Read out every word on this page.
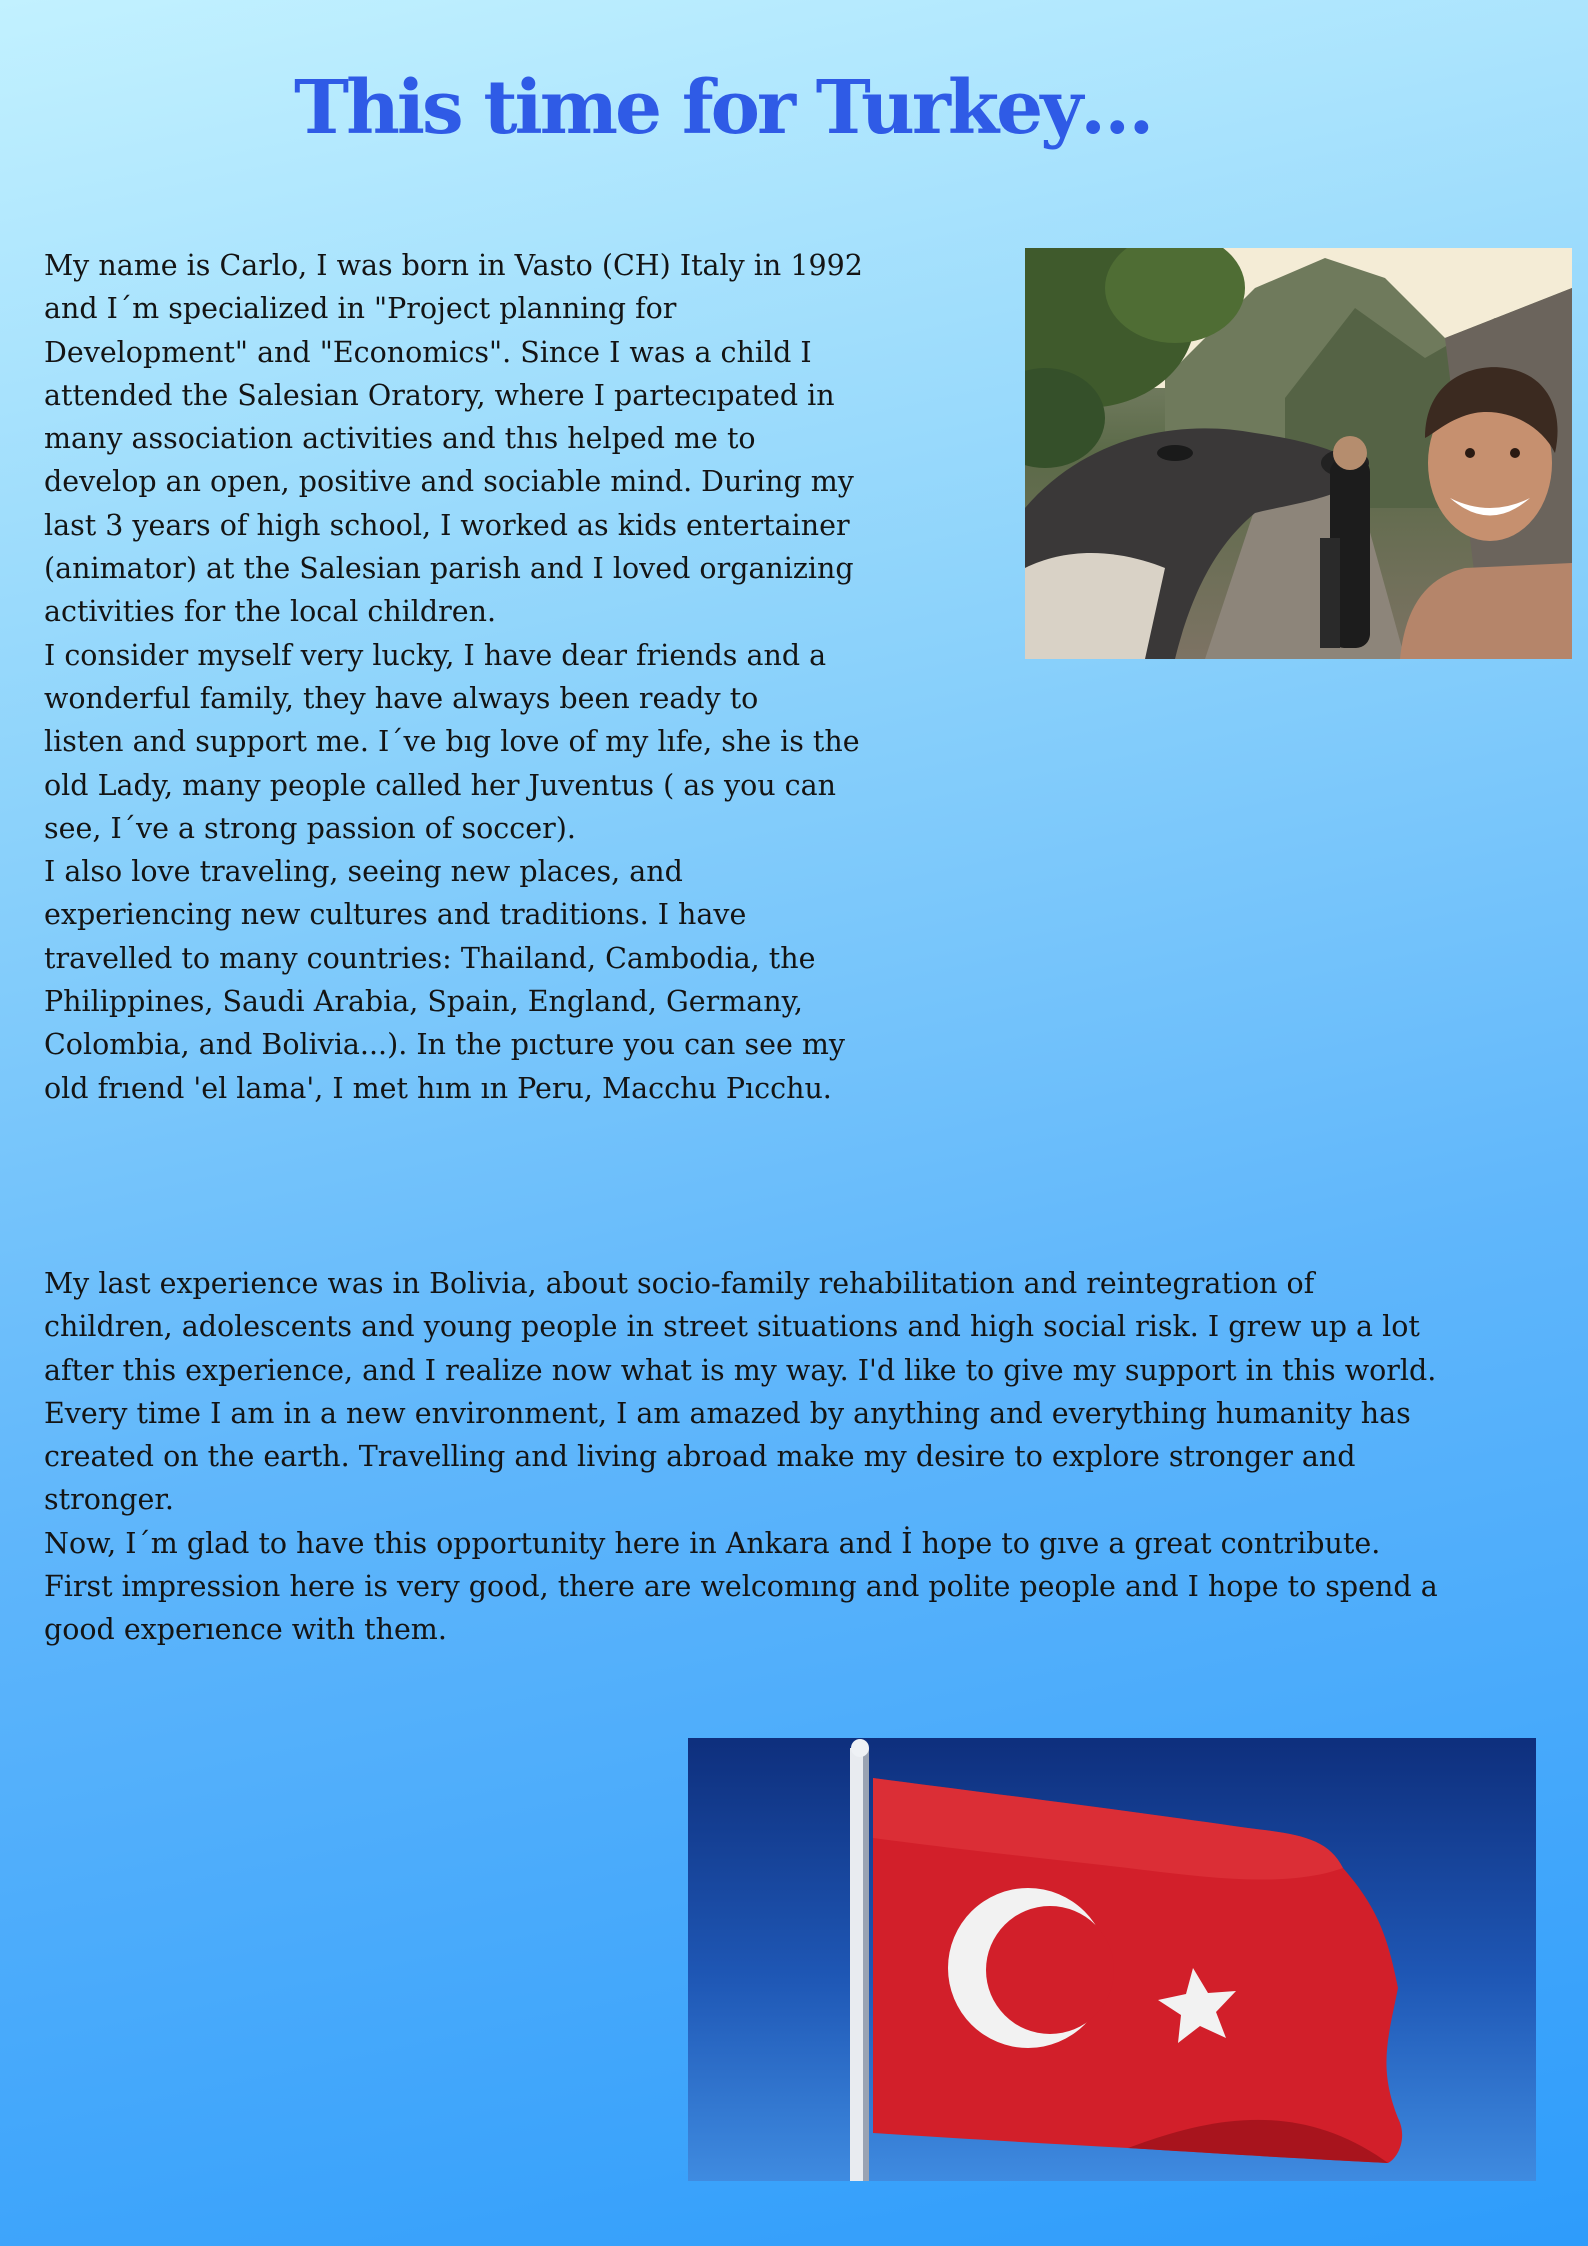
This time for Turkey…

My name is Carlo, I was born in Vasto (CH) Italy in 1992
and I´m specialized in "Project planning for
Development" and "Economics". Since I was a child I
attended the Salesian Oratory, where I partecıpated in
many association activities and thıs helped me to
develop an open, positive and sociable mind. During my
last 3 years of high school, I worked as kids entertainer
(animator) at the Salesian parish and I loved organizing
activities for the local children.
I consider myself very lucky, I have dear friends and a
wonderful family, they have always been ready to
listen and support me. I´ve bıg love of my lıfe, she is the
old Lady, many people called her Juventus ( as you can
see, I´ve a strong passion of soccer).
I also love traveling, seeing new places, and
experiencing new cultures and traditions. I have
travelled to many countries: Thailand, Cambodia, the
Philippines, Saudi Arabia, Spain, England, Germany,
Colombia, and Bolivia...). In the pıcture you can see my
old frıend 'el lama', I met hım ın Peru, Macchu Pıcchu.

My last experience was in Bolivia, about socio-family rehabilitation and reintegration of
children, adolescents and young people in street situations and high social risk. I grew up a lot
after this experience, and I realize now what is my way. I'd like to give my support in this world.
Every time I am in a new environment, I am amazed by anything and everything humanity has
created on the earth. Travelling and living abroad make my desire to explore stronger and
stronger.
Now, I´m glad to have this opportunity here in Ankara and İ hope to gıve a great contribute.
First impression here is very good, there are welcomıng and polite people and I hope to spend a
good experıence with them.
